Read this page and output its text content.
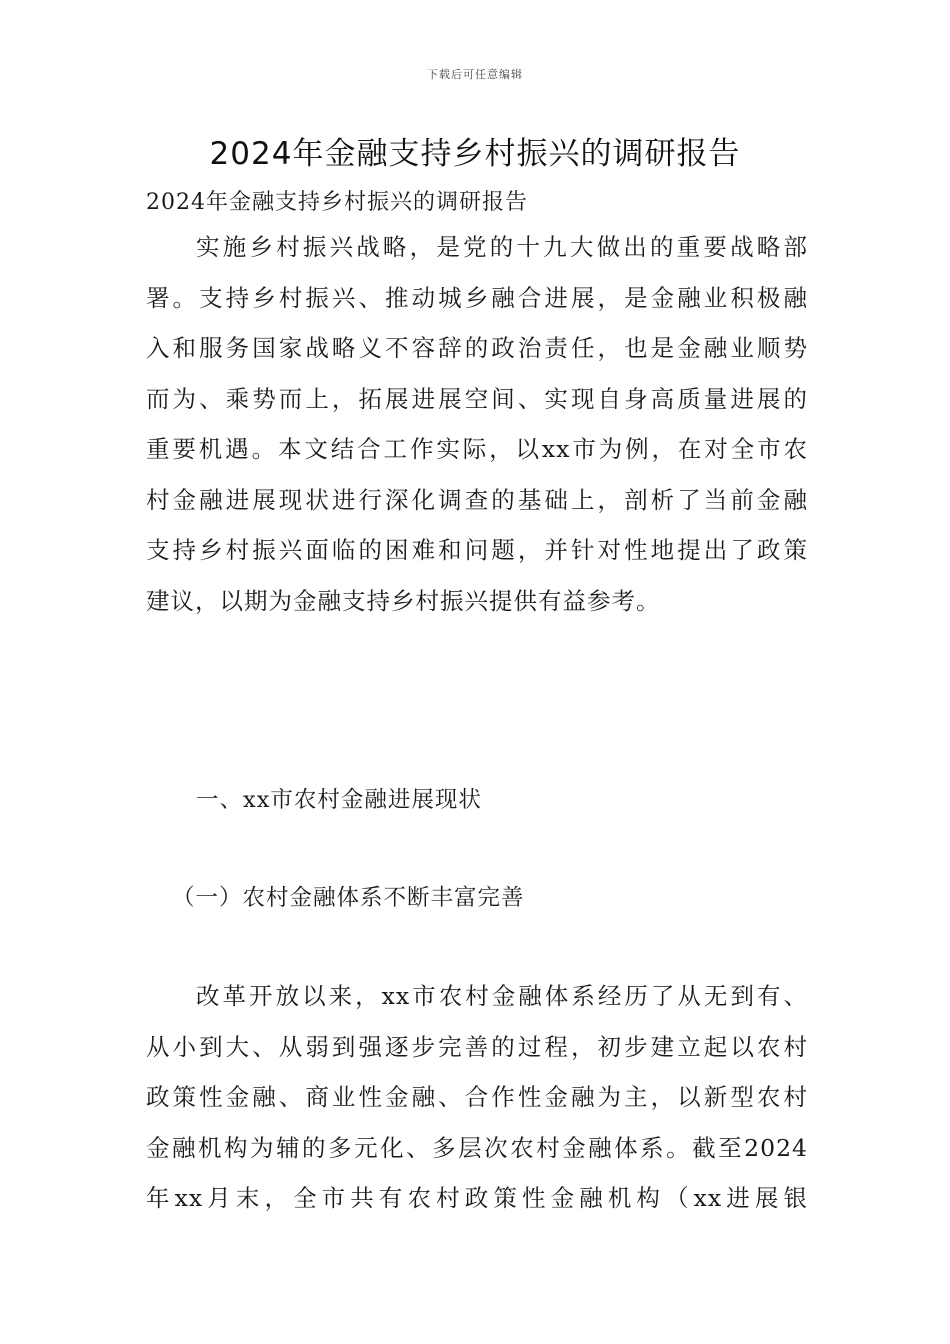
下载后可任意编辑
2024年金融支持乡村振兴的调研报告
2024年金融支持乡村振兴的调研报告
实施乡村振兴战略，是党的十九大做出的重要战略部
署。支持乡村振兴、推动城乡融合进展，是金融业积极融
入和服务国家战略义不容辞的政治责任，也是金融业顺势
而为、乘势而上，拓展进展空间、实现自身高质量进展的
重要机遇。本文结合工作实际，以xx市为例，在对全市农
村金融进展现状进行深化调查的基础上，剖析了当前金融
支持乡村振兴面临的困难和问题，并针对性地提出了政策
建议，以期为金融支持乡村振兴提供有益参考。
一、xx市农村金融进展现状
（一）农村金融体系不断丰富完善
改革开放以来，xx市农村金融体系经历了从无到有、
从小到大、从弱到强逐步完善的过程，初步建立起以农村
政策性金融、商业性金融、合作性金融为主，以新型农村
金融机构为辅的多元化、多层次农村金融体系。截至2024
年xx月末，全市共有农村政策性金融机构（xx进展银
